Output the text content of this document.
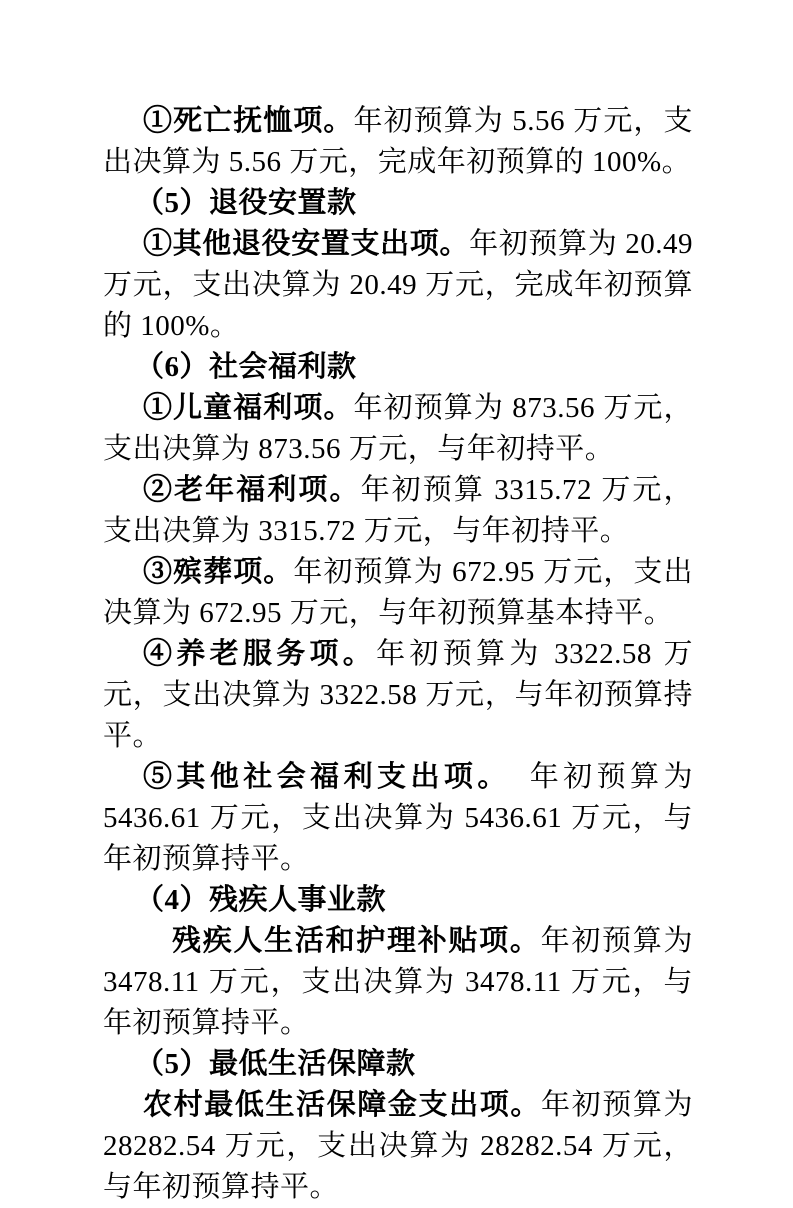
①死亡抚恤项。年初预算为 5.56 万元，支出决算为 5.56 万元，完成年初预算的 100%。

（5）退役安置款

①其他退役安置支出项。年初预算为 20.49 万元，支出决算为 20.49 万元，完成年初预算的 100%。

（6）社会福利款

①儿童福利项。年初预算为 873.56 万元，支出决算为 873.56 万元，与年初持平。

②老年福利项。年初预算 3315.72 万元，支出决算为 3315.72 万元，与年初持平。

③殡葬项。年初预算为 672.95 万元，支出决算为 672.95 万元，与年初预算基本持平。

④养老服务项。年初预算为 3322.58 万元，支出决算为 3322.58 万元，与年初预算持平。

⑤其他社会福利支出项。　年初预算为 5436.61 万元，支出决算为 5436.61 万元，与年初预算持平。

（4）残疾人事业款

残疾人生活和护理补贴项。年初预算为 3478.11 万元，支出决算为 3478.11 万元，与年初预算持平。

（5）最低生活保障款

农村最低生活保障金支出项。年初预算为 28282.54 万元，支出决算为 28282.54 万元，与年初预算持平。
